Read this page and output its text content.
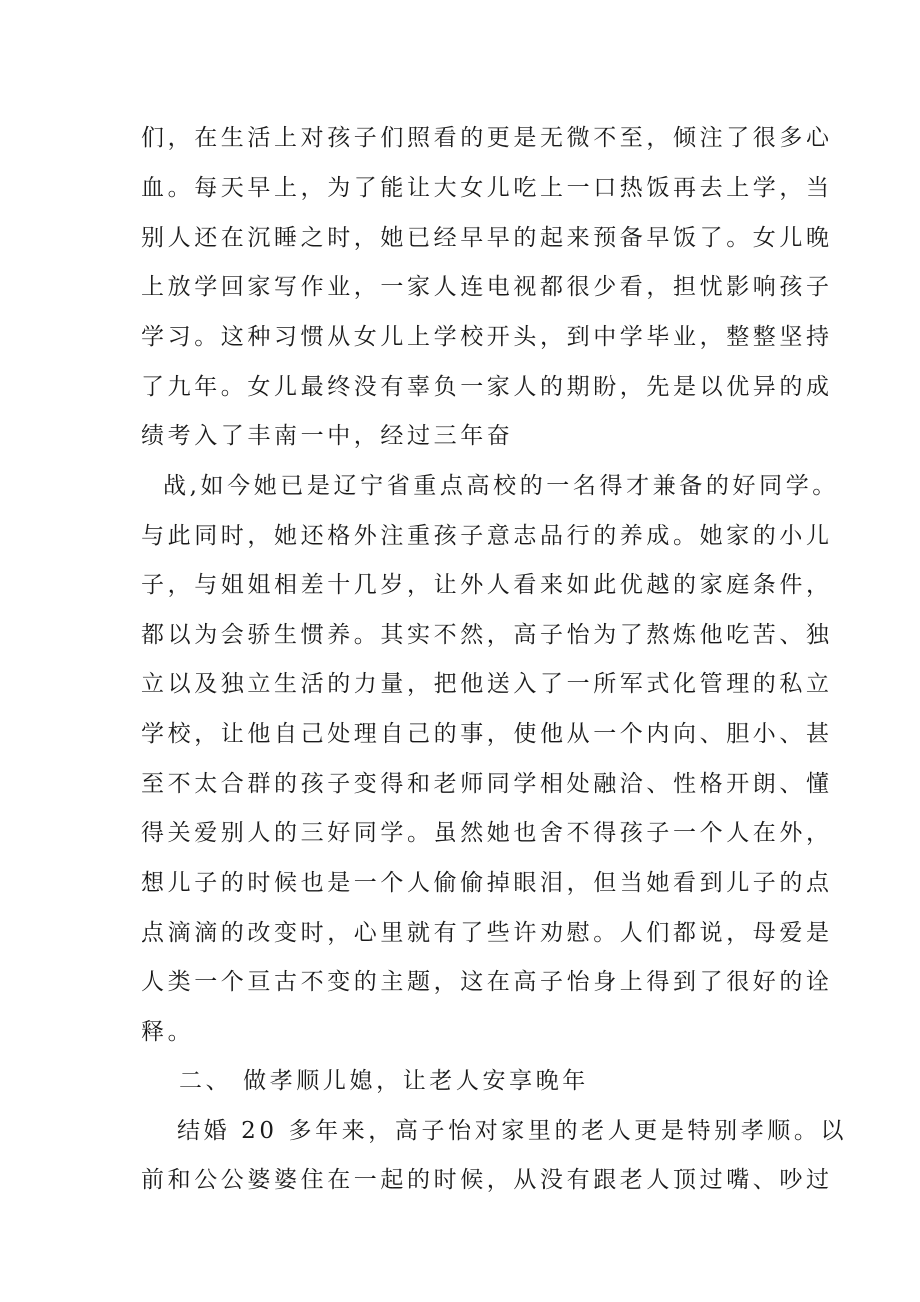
们，在生活上对孩子们照看的更是无微不至，倾注了很多心
血。每天早上，为了能让大女儿吃上一口热饭再去上学，当
别人还在沉睡之时，她已经早早的起来预备早饭了。女儿晚
上放学回家写作业，一家人连电视都很少看，担忧影响孩子
学习。这种习惯从女儿上学校开头，到中学毕业，整整坚持
了九年。女儿最终没有辜负一家人的期盼，先是以优异的成
绩考入了丰南一中，经过三年奋
战,如今她已是辽宁省重点高校的一名得才兼备的好同学。
与此同时，她还格外注重孩子意志品行的养成。她家的小儿
子，与姐姐相差十几岁，让外人看来如此优越的家庭条件，
都以为会骄生惯养。其实不然，高子怡为了熬炼他吃苦、独
立以及独立生活的力量，把他送入了一所军式化管理的私立
学校，让他自己处理自己的事，使他从一个内向、胆小、甚
至不太合群的孩子变得和老师同学相处融洽、性格开朗、懂
得关爱别人的三好同学。虽然她也舍不得孩子一个人在外，
想儿子的时候也是一个人偷偷掉眼泪，但当她看到儿子的点
点滴滴的改变时，心里就有了些许劝慰。人们都说，母爱是
人类一个亘古不变的主题，这在高子怡身上得到了很好的诠
释。
二、 做孝顺儿媳，让老人安享晚年
结婚 20 多年来，高子怡对家里的老人更是特别孝顺。以
前和公公婆婆住在一起的时候，从没有跟老人顶过嘴、吵过
